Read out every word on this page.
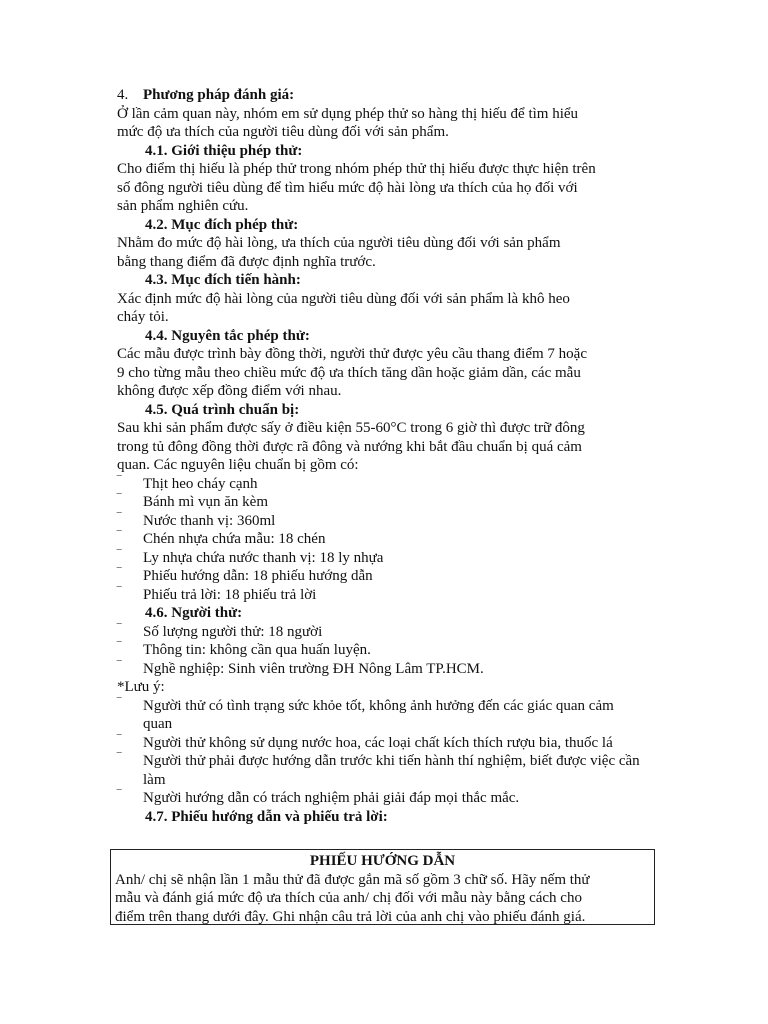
4. Phương pháp đánh giá:
Ở lần cảm quan này, nhóm em sử dụng phép thử so hàng thị hiếu để tìm hiểu
mức độ ưa thích của người tiêu dùng đối với sản phẩm.
4.1. Giới thiệu phép thử:
Cho điểm thị hiếu là phép thử trong nhóm phép thử thị hiếu được thực hiện trên
số đông người tiêu dùng để tìm hiểu mức độ hài lòng ưa thích của họ đối với
sản phẩm nghiên cứu.
4.2. Mục đích phép thử:
Nhằm đo mức độ hài lòng, ưa thích của người tiêu dùng đối với sản phẩm
bằng thang điểm đã được định nghĩa trước.
4.3. Mục đích tiến hành:
Xác định mức độ hài lòng của người tiêu dùng đối với sản phẩm là khô heo
cháy tỏi.
4.4. Nguyên tắc phép thử:
Các mẫu được trình bày đồng thời, người thử được yêu cầu thang điểm 7 hoặc
9 cho từng mẫu theo chiều mức độ ưa thích tăng dần hoặc giảm dần, các mẫu
không được xếp đồng điểm với nhau.
4.5. Quá trình chuẩn bị:
Sau khi sản phẩm được sấy ở điều kiện 55-60°C trong 6 giờ thì được trữ đông
trong tủ đông đồng thời được rã đông và nướng khi bắt đầu chuẩn bị quá cảm
quan. Các nguyên liệu chuẩn bị gồm có:
‾ Thịt heo cháy cạnh
‾ Bánh mì vụn ăn kèm
‾ Nước thanh vị: 360ml
‾ Chén nhựa chứa mẫu: 18 chén
‾ Ly nhựa chứa nước thanh vị: 18 ly nhựa
‾ Phiếu hướng dẫn: 18 phiếu hướng dẫn
‾ Phiếu trả lời: 18 phiếu trả lời
4.6. Người thử:
‾ Số lượng người thử: 18 người
‾ Thông tin: không cần qua huấn luyện.
‾ Nghề nghiệp: Sinh viên trường ĐH Nông Lâm TP.HCM.
*Lưu ý:
‾ Người thử có tình trạng sức khỏe tốt, không ảnh hưởng đến các giác quan cảm quan
‾ Người thử không sử dụng nước hoa, các loại chất kích thích rượu bia, thuốc lá
‾ Người thử phải được hướng dẫn trước khi tiến hành thí nghiệm, biết được việc cần làm
‾ Người hướng dẫn có trách nghiệm phải giải đáp mọi thắc mắc.
4.7. Phiếu hướng dẫn và phiếu trả lời:
PHIẾU HƯỚNG DẪN
Anh/ chị sẽ nhận lần 1 mẫu thử đã được gắn mã số gồm 3 chữ số. Hãy nếm thử
mẫu và đánh giá mức độ ưa thích của anh/ chị đối với mẫu này bằng cách cho
điểm trên thang dưới đây. Ghi nhận câu trả lời của anh chị vào phiếu đánh giá.
